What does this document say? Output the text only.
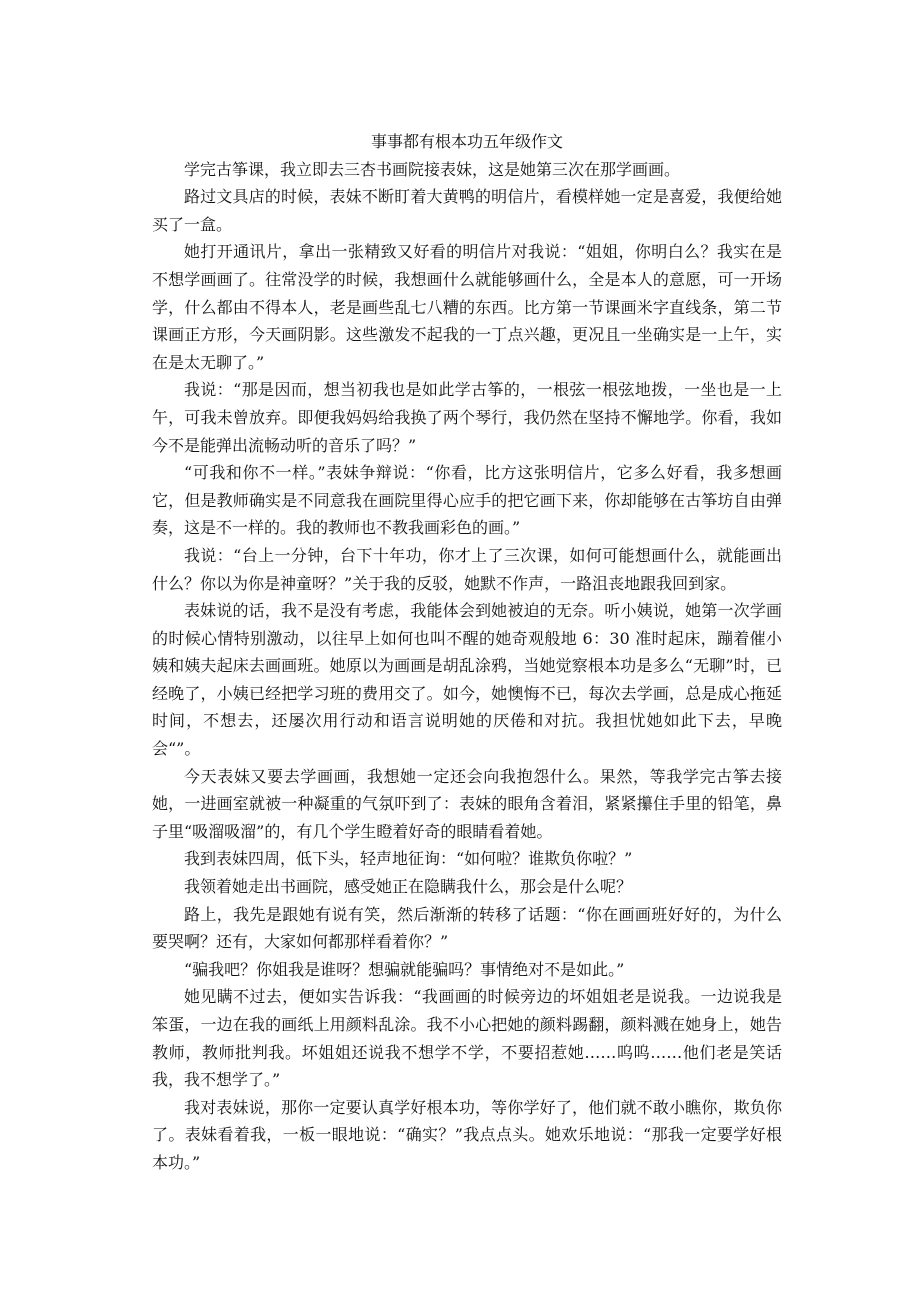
事事都有根本功五年级作文

学完古筝课，我立即去三杏书画院接表妹，这是她第三次在那学画画。

路过文具店的时候，表妹不断盯着大黄鸭的明信片，看模样她一定是喜爱，我便给她买了一盒。

她打开通讯片，拿出一张精致又好看的明信片对我说：“姐姐，你明白么？我实在是不想学画画了。往常没学的时候，我想画什么就能够画什么，全是本人的意愿，可一开场学，什么都由不得本人，老是画些乱七八糟的东西。比方第一节课画米字直线条，第二节课画正方形，今天画阴影。这些激发不起我的一丁点兴趣，更况且一坐确实是一上午，实在是太无聊了。”

我说：“那是因而，想当初我也是如此学古筝的，一根弦一根弦地拨，一坐也是一上午，可我未曾放弃。即便我妈妈给我换了两个琴行，我仍然在坚持不懈地学。你看，我如今不是能弹出流畅动听的音乐了吗？”

“可我和你不一样。”表妹争辩说：“你看，比方这张明信片，它多么好看，我多想画它，但是教师确实是不同意我在画院里得心应手的把它画下来，你却能够在古筝坊自由弹奏，这是不一样的。我的教师也不教我画彩色的画。”

我说：“台上一分钟，台下十年功，你才上了三次课，如何可能想画什么，就能画出什么？你以为你是神童呀？”关于我的反驳，她默不作声，一路沮丧地跟我回到家。

表妹说的话，我不是没有考虑，我能体会到她被迫的无奈。听小姨说，她第一次学画的时候心情特别激动，以往早上如何也叫不醒的她奇观般地 6：30 准时起床，蹦着催小姨和姨夫起床去画画班。她原以为画画是胡乱涂鸦，当她觉察根本功是多么“无聊”时，已经晚了，小姨已经把学习班的费用交了。如今，她懊悔不已，每次去学画，总是成心拖延时间，不想去，还屡次用行动和语言说明她的厌倦和对抗。我担忧她如此下去，早晚会“”。

今天表妹又要去学画画，我想她一定还会向我抱怨什么。果然，等我学完古筝去接她，一进画室就被一种凝重的气氛吓到了：表妹的眼角含着泪，紧紧攥住手里的铅笔，鼻子里“吸溜吸溜”的，有几个学生瞪着好奇的眼睛看着她。

我到表妹四周，低下头，轻声地征询：“如何啦？谁欺负你啦？”

我领着她走出书画院，感受她正在隐瞒我什么，那会是什么呢？

路上，我先是跟她有说有笑，然后渐渐的转移了话题：“你在画画班好好的，为什么要哭啊？还有，大家如何都那样看着你？”

“骗我吧？你姐我是谁呀？想骗就能骗吗？事情绝对不是如此。”

她见瞒不过去，便如实告诉我：“我画画的时候旁边的坏姐姐老是说我。一边说我是笨蛋，一边在我的画纸上用颜料乱涂。我不小心把她的颜料踢翻，颜料溅在她身上，她告教师，教师批判我。坏姐姐还说我不想学不学，不要招惹她……呜呜……他们老是笑话我，我不想学了。”

我对表妹说，那你一定要认真学好根本功，等你学好了，他们就不敢小瞧你，欺负你了。表妹看着我，一板一眼地说：“确实？”我点点头。她欢乐地说：“那我一定要学好根本功。”
